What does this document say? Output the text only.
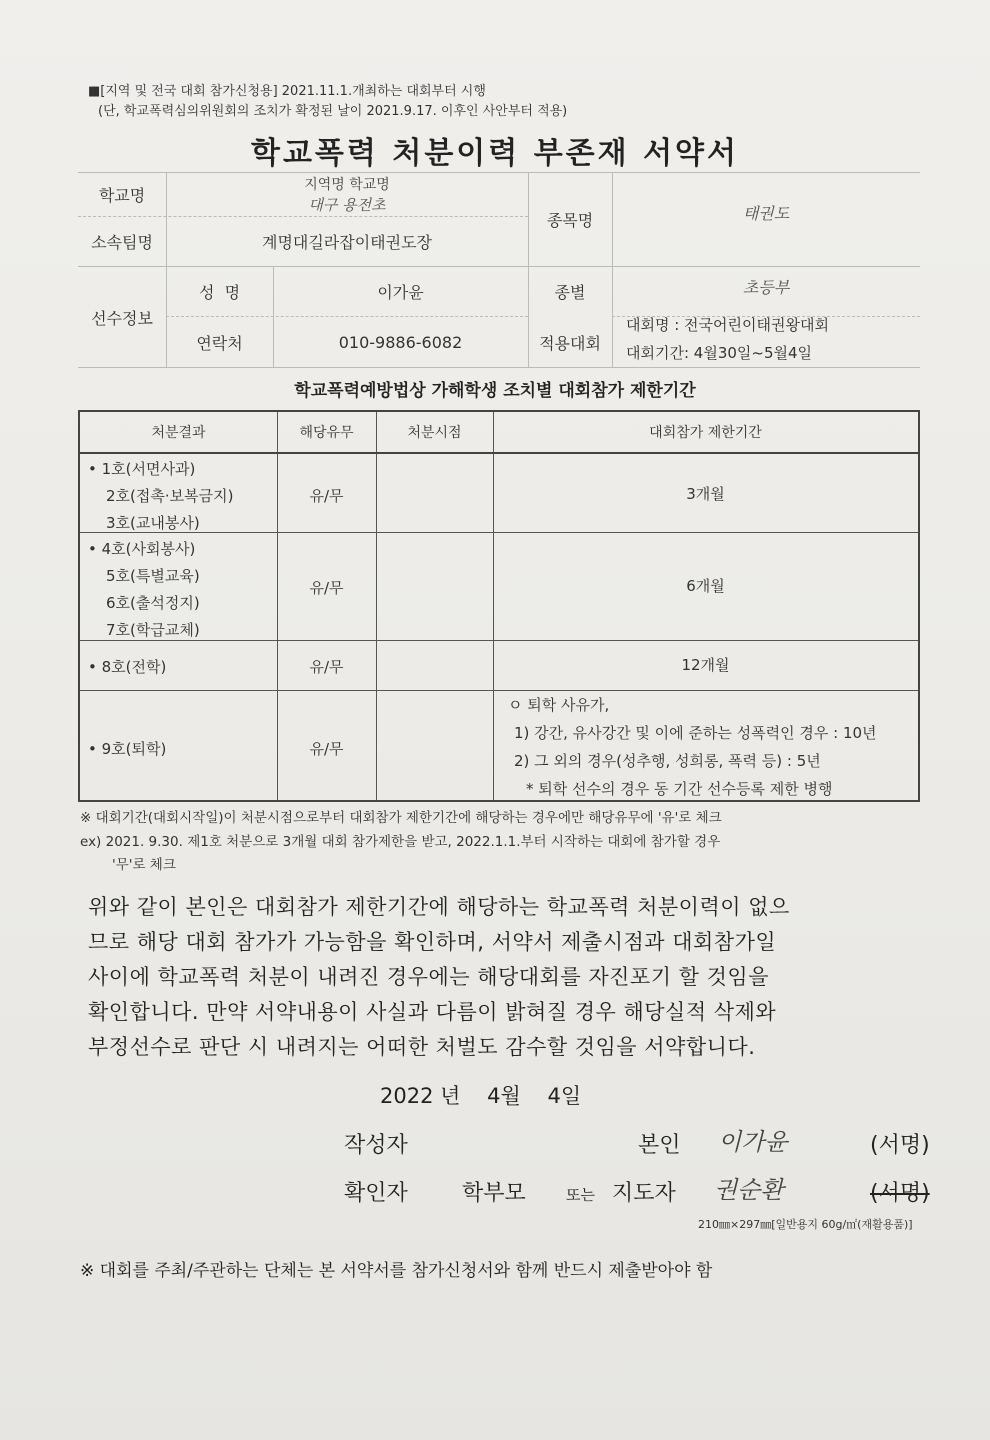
■[지역 및 전국 대회 참가신청용] 2021.11.1.개최하는 대회부터 시행
(단, 학교폭력심의위원회의 조치가 확정된 날이 2021.9.17. 이후인 사안부터 적용)
학교폭력 처분이력 부존재 서약서
학교명
지역명 학교명
대구 용전초
소속팀명	계명대길라잡이태권도장
종목명	태권도
선수정보
성  명	이가윤	종별	초등부
연락처	010-9886-6082	적용대회
대회명 : 전국어린이태권왕대회
대회기간: 4월30일~5월4일
학교폭력예방법상 가해학생 조치별 대회참가 제한기간
처분결과	해당유무	처분시점	대회참가 제한기간
• 1호(서면사과)
2호(접촉·보복금지)
3호(교내봉사)
유/무	3개월
• 4호(사회봉사)
5호(특별교육)
6호(출석정지)
7호(학급교체)
유/무	6개월
• 8호(전학)	유/무	12개월
• 9호(퇴학)	유/무
ㅇ 퇴학 사유가,
1) 강간, 유사강간 및 이에 준하는 성폭력인 경우 : 10년
2) 그 외의 경우(성추행, 성희롱, 폭력 등) : 5년
* 퇴학 선수의 경우 동 기간 선수등록 제한 병행
※ 대회기간(대회시작일)이 처분시점으로부터 대회참가 제한기간에 해당하는 경우에만 해당유무에 '유'로 체크
ex) 2021. 9.30. 제1호 처분으로 3개월 대회 참가제한을 받고, 2022.1.1.부터 시작하는 대회에 참가할 경우
'무'로 체크
위와 같이 본인은 대회참가 제한기간에 해당하는 학교폭력 처분이력이 없으
므로 해당 대회 참가가 가능함을 확인하며, 서약서 제출시점과 대회참가일
사이에 학교폭력 처분이 내려진 경우에는 해당대회를 자진포기 할 것임을
확인합니다. 만약 서약내용이 사실과 다름이 밝혀질 경우 해당실적 삭제와
부정선수로 판단 시 내려지는 어떠한 처벌도 감수할 것임을 서약합니다.
2022 년    4월    4일
작성자	본인 이가윤	(서명)
확인자 학부모	또는 지도자 권순환	(서명)
210㎜×297㎜[일반용지 60g/㎡(재활용품)]
※ 대회를 주최/주관하는 단체는 본 서약서를 참가신청서와 함께 반드시 제출받아야 함
